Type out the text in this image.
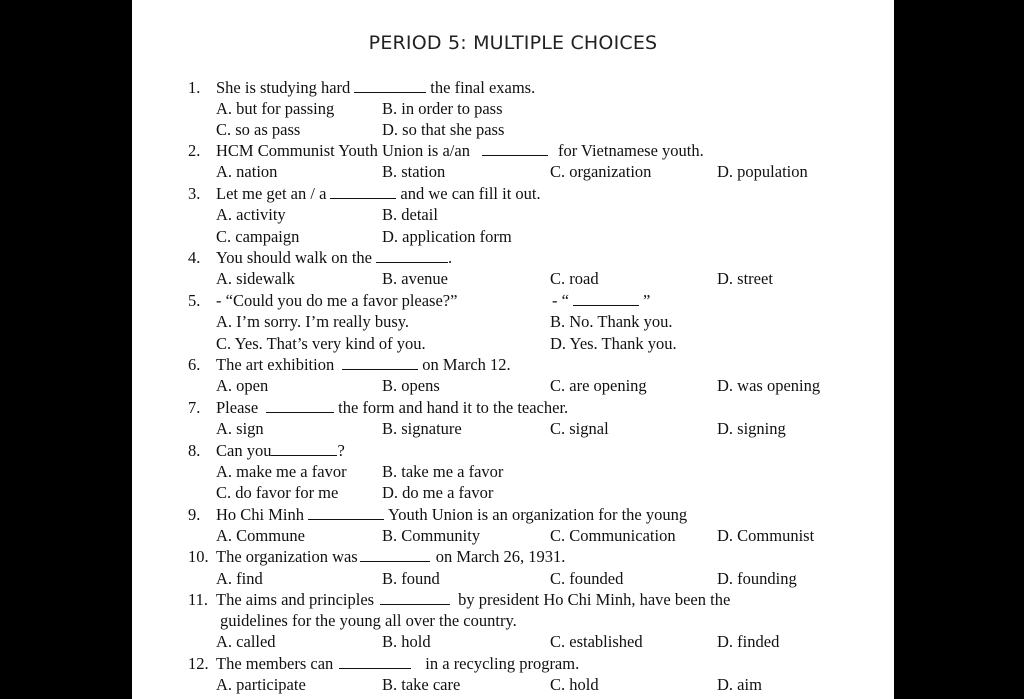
PERIOD 5: MULTIPLE CHOICES
1. She is studying hard	the final exams.
A. but for passing	B. in order to pass
C. so as pass	D. so that she pass
2. HCM Communist Youth Union is a/an	for Vietnamese youth.
A. nation	B. station	C. organization	D. population
3. Let me get an / a	and we can fill it out.
A. activity	B. detail
C. campaign	D. application form
4. You should walk on the	.
A. sidewalk	B. avenue	C. road	D. street
5. - “Could you do me a favor please?”	- “	”
A. I’m sorry. I’m really busy.	B. No. Thank you.
C. Yes. That’s very kind of you.	D. Yes. Thank you.
6. The art exhibition	on March 12.
A. open	B. opens	C. are opening	D. was opening
7. Please	the form and hand it to the teacher.
A. sign	B. signature	C. signal	D. signing
8. Can you	?
A. make me a favor B. take me a favor
C. do favor for me	D. do me a favor
9. Ho Chi Minh	Youth Union is an organization for the young
A. Commune	B. Community	C. Communication	D. Communist
10. The organization was	on March 26, 1931.
A. find	B. found	C. founded	D. founding
11. The aims and principles	by president Ho Chi Minh, have been the
guidelines for the young all over the country.
A. called	B. hold	C. established	D. finded
12. The members can	in a recycling program.
A. participate	B. take care	C. hold	D. aim
